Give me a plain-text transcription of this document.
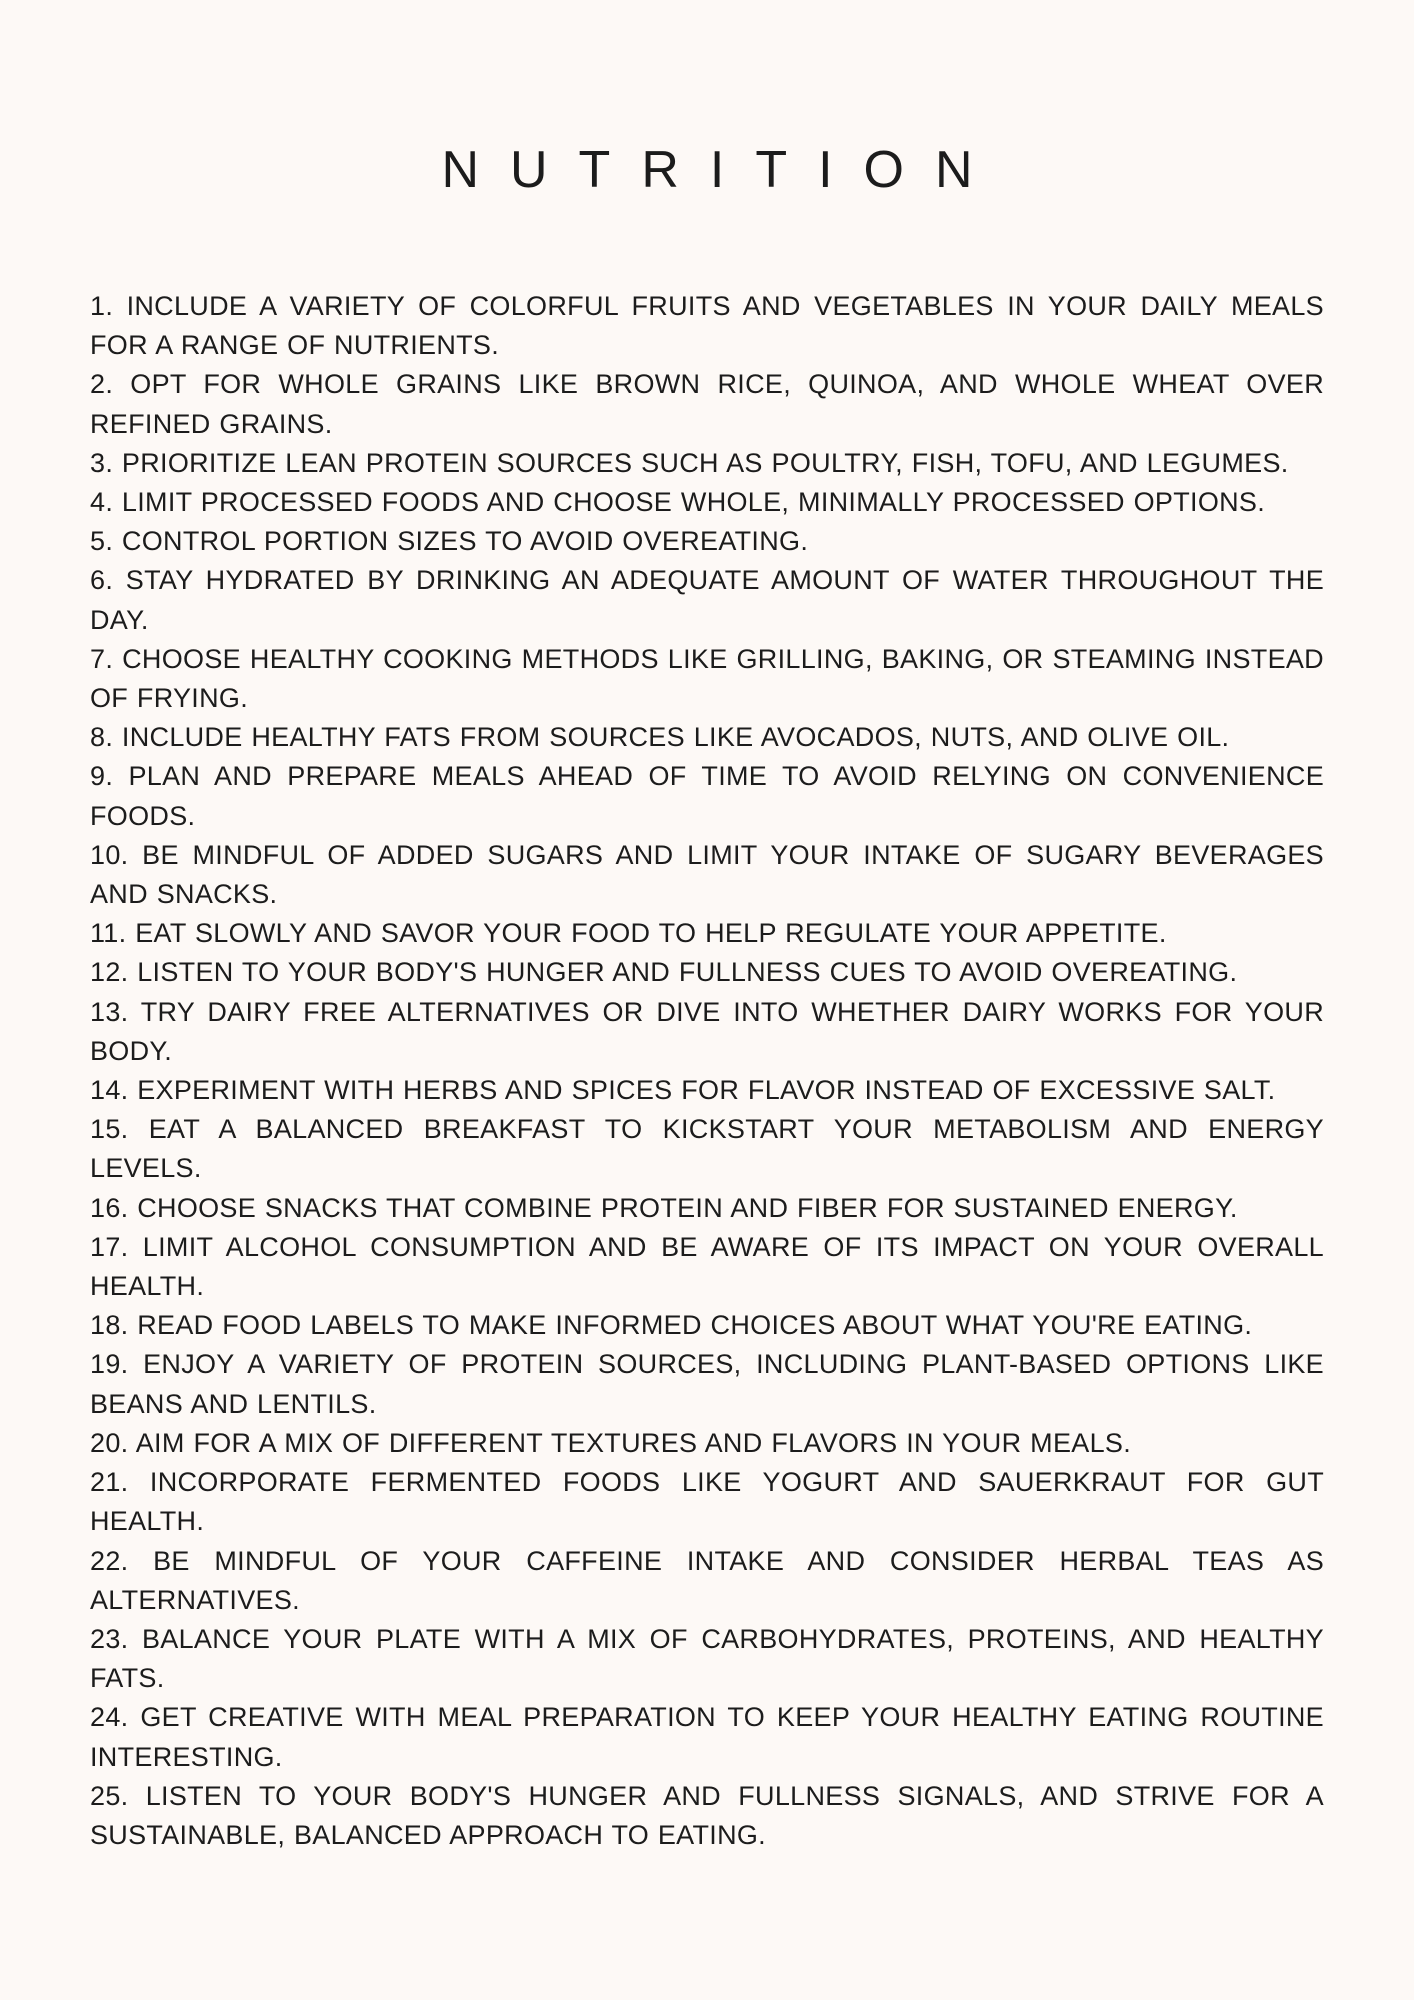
NUTRITION
1. INCLUDE A VARIETY OF COLORFUL FRUITS AND VEGETABLES IN YOUR DAILY MEALS FOR A RANGE OF NUTRIENTS.
2. OPT FOR WHOLE GRAINS LIKE BROWN RICE, QUINOA, AND WHOLE WHEAT OVER REFINED GRAINS.
3. PRIORITIZE LEAN PROTEIN SOURCES SUCH AS POULTRY, FISH, TOFU, AND LEGUMES.
4. LIMIT PROCESSED FOODS AND CHOOSE WHOLE, MINIMALLY PROCESSED OPTIONS.
5. CONTROL PORTION SIZES TO AVOID OVEREATING.
6. STAY HYDRATED BY DRINKING AN ADEQUATE AMOUNT OF WATER THROUGHOUT THE DAY.
7. CHOOSE HEALTHY COOKING METHODS LIKE GRILLING, BAKING, OR STEAMING INSTEAD OF FRYING.
8. INCLUDE HEALTHY FATS FROM SOURCES LIKE AVOCADOS, NUTS, AND OLIVE OIL.
9. PLAN AND PREPARE MEALS AHEAD OF TIME TO AVOID RELYING ON CONVENIENCE FOODS.
10. BE MINDFUL OF ADDED SUGARS AND LIMIT YOUR INTAKE OF SUGARY BEVERAGES AND SNACKS.
11. EAT SLOWLY AND SAVOR YOUR FOOD TO HELP REGULATE YOUR APPETITE.
12. LISTEN TO YOUR BODY'S HUNGER AND FULLNESS CUES TO AVOID OVEREATING.
13. TRY DAIRY FREE ALTERNATIVES OR DIVE INTO WHETHER DAIRY WORKS FOR YOUR BODY.
14. EXPERIMENT WITH HERBS AND SPICES FOR FLAVOR INSTEAD OF EXCESSIVE SALT.
15. EAT A BALANCED BREAKFAST TO KICKSTART YOUR METABOLISM AND ENERGY LEVELS.
16. CHOOSE SNACKS THAT COMBINE PROTEIN AND FIBER FOR SUSTAINED ENERGY.
17. LIMIT ALCOHOL CONSUMPTION AND BE AWARE OF ITS IMPACT ON YOUR OVERALL HEALTH.
18. READ FOOD LABELS TO MAKE INFORMED CHOICES ABOUT WHAT YOU'RE EATING.
19. ENJOY A VARIETY OF PROTEIN SOURCES, INCLUDING PLANT-BASED OPTIONS LIKE BEANS AND LENTILS.
20. AIM FOR A MIX OF DIFFERENT TEXTURES AND FLAVORS IN YOUR MEALS.
21. INCORPORATE FERMENTED FOODS LIKE YOGURT AND SAUERKRAUT FOR GUT HEALTH.
22. BE MINDFUL OF YOUR CAFFEINE INTAKE AND CONSIDER HERBAL TEAS AS ALTERNATIVES.
23. BALANCE YOUR PLATE WITH A MIX OF CARBOHYDRATES, PROTEINS, AND HEALTHY FATS.
24. GET CREATIVE WITH MEAL PREPARATION TO KEEP YOUR HEALTHY EATING ROUTINE INTERESTING.
25. LISTEN TO YOUR BODY'S HUNGER AND FULLNESS SIGNALS, AND STRIVE FOR A SUSTAINABLE, BALANCED APPROACH TO EATING.
